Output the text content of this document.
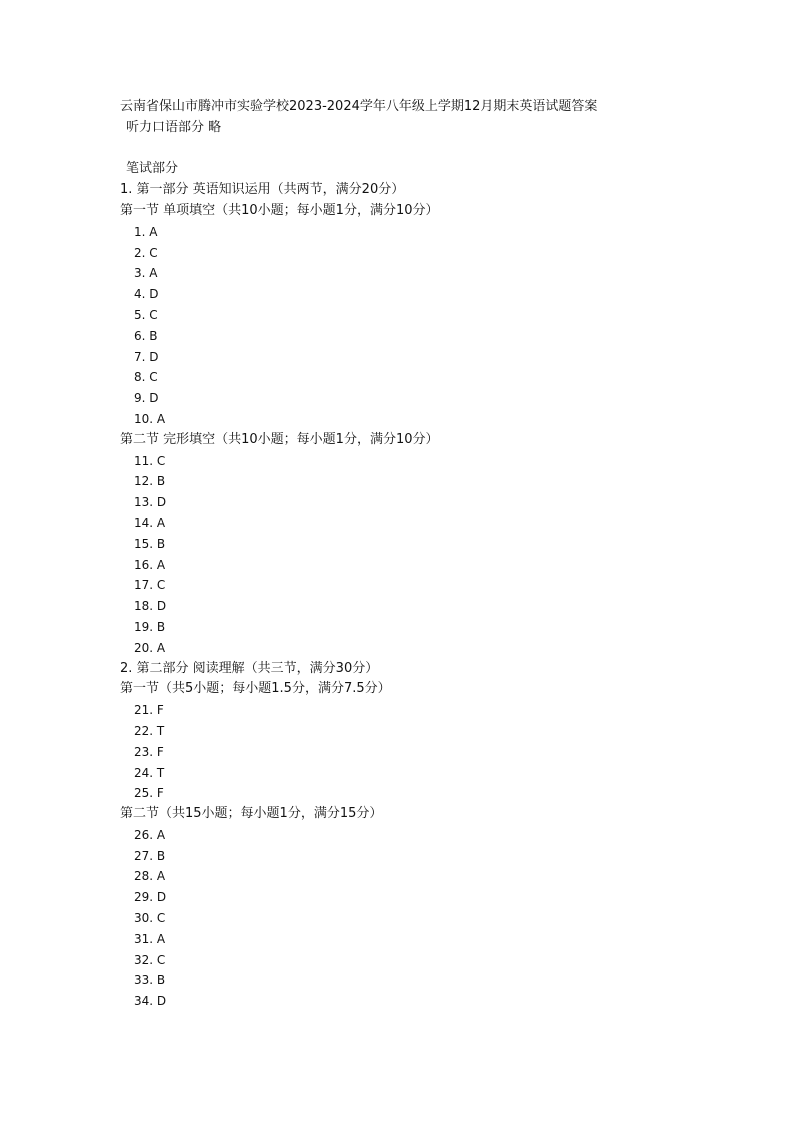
云南省保山市腾冲市实验学校2023-2024学年八年级上学期12月期末英语试题答案
听力口语部分 略
笔试部分
1. 第一部分 英语知识运用（共两节，满分20分）
第一节 单项填空（共10小题；每小题1分，满分10分）
1. A
2. C
3. A
4. D
5. C
6. B
7. D
8. C
9. D
10. A
第二节 完形填空（共10小题；每小题1分，满分10分）
11. C
12. B
13. D
14. A
15. B
16. A
17. C
18. D
19. B
20. A
2. 第二部分 阅读理解（共三节，满分30分）
第一节（共5小题；每小题1.5分，满分7.5分）
21. F
22. T
23. F
24. T
25. F
第二节（共15小题；每小题1分，满分15分）
26. A
27. B
28. A
29. D
30. C
31. A
32. C
33. B
34. D
